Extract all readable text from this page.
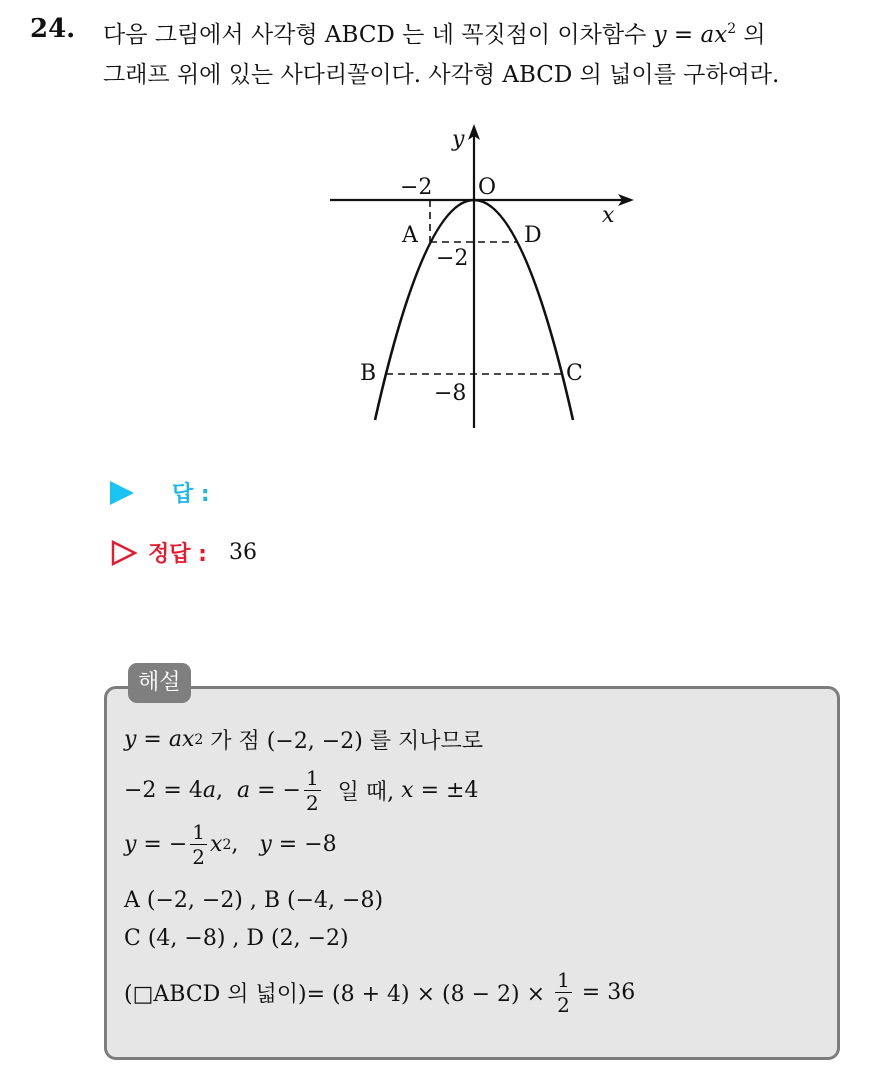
24. 다음 그림에서 사각형 ABCD 는 네 꼭짓점이 이차함수 $y = ax^2$ 의
그래프 위에 있는 사다리꼴이다. 사각형 ABCD 의 넓이를 구하여라.
y
x
O
−2
−2
−8
A	D
B	C
답 :
정답 : 36
해설
y = ax 2 가 점 (−2, −2) 를 지나므로
−2 = 4 a , a = − $\frac{1}{2}$ 일 때, x = ±4
y = − $\frac{1}{2}$ x 2 , y = −8
A (−2, −2) , B (−4, −8)
C (4, −8) , D (2, −2)
(□ABCD 의 넓이)= $(8 + 4) \times (8 - 2) \times \frac{1}{2} = 36$
